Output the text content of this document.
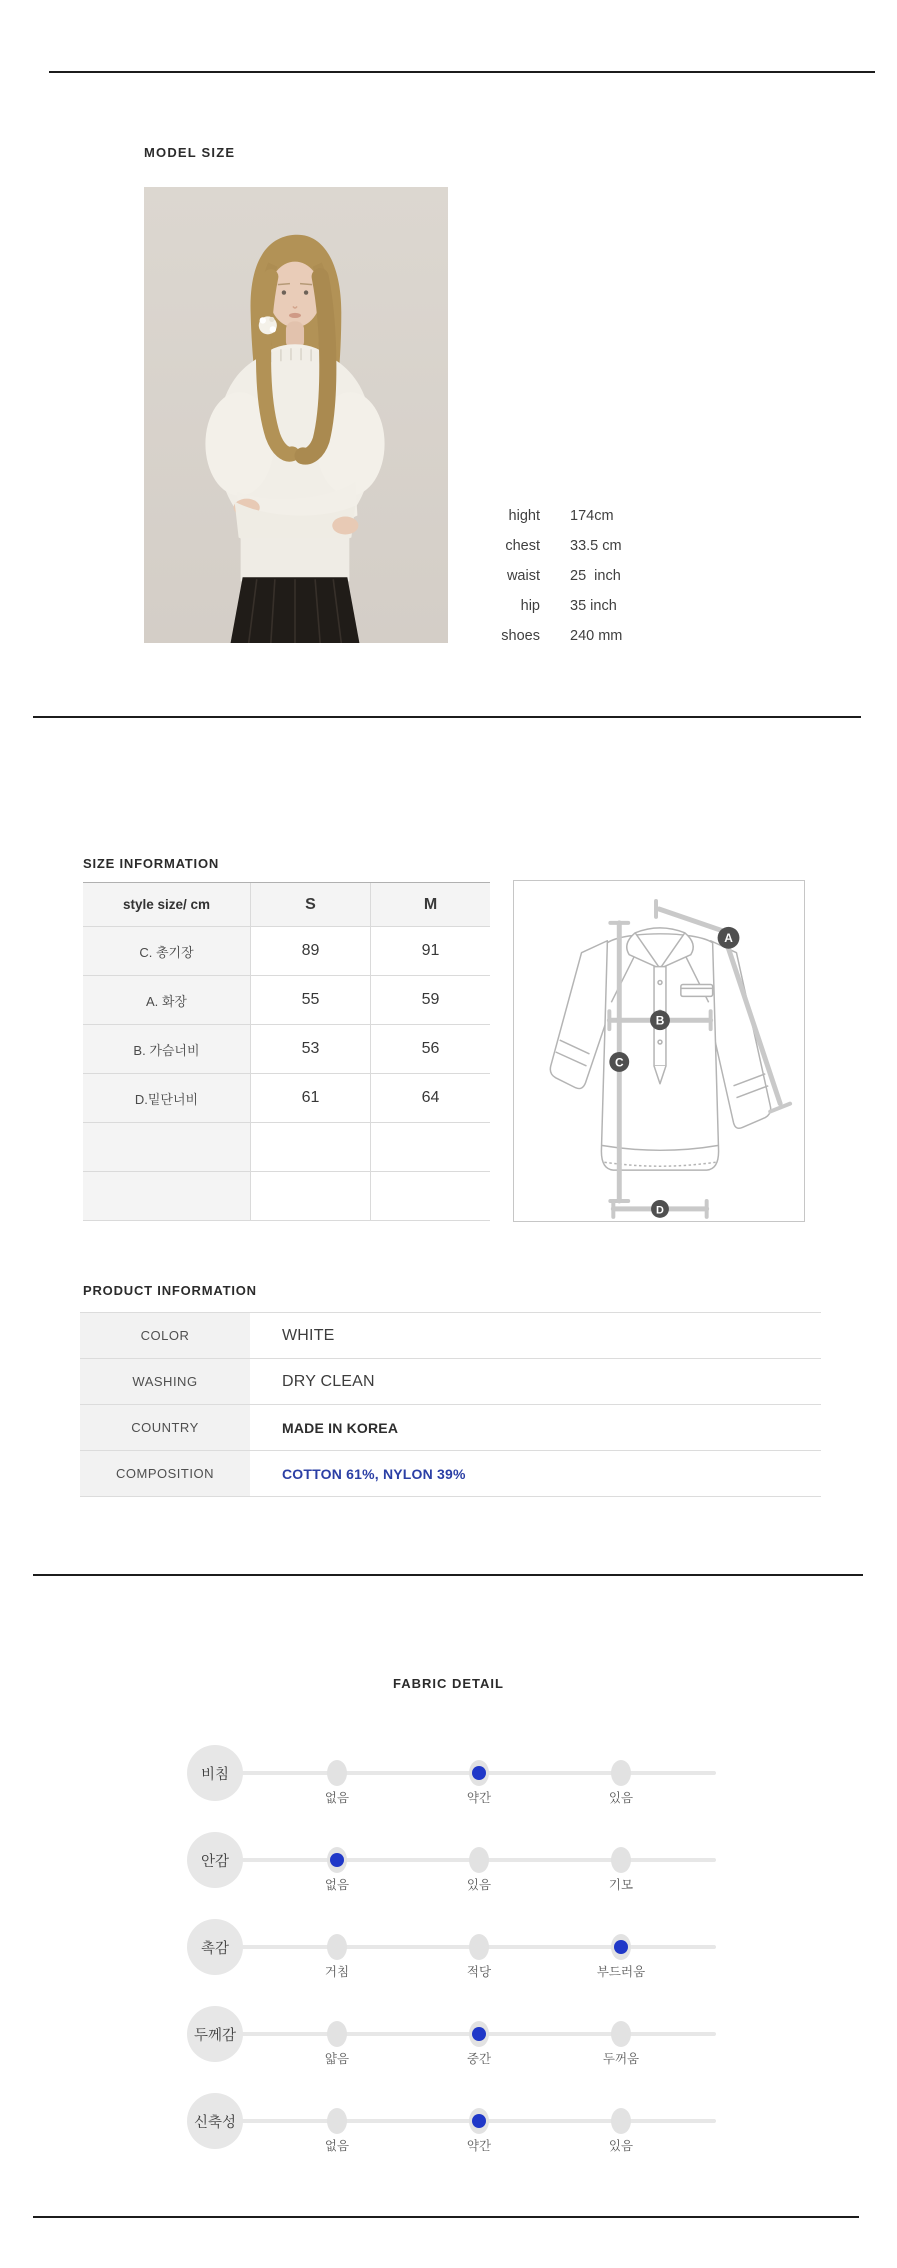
MODEL SIZE
hight 174cm
chest 33.5 cm
waist 25  inch
hip 35 inch
shoes 240 mm
SIZE INFORMATION
style size/ cm	S	M
C. 총기장	89	91
A. 화장	55	59
B. 가슴너비	53	56
D.밑단너비	61	64
A
B
C
D
PRODUCT INFORMATION
COLOR	WHITE
WASHING	DRY CLEAN
COUNTRY	MADE IN KOREA
COMPOSITION	COTTON 61%, NYLON 39%
FABRIC DETAIL
비침
없음	약간	있음
안감
없음	있음	기모
촉감
거침	적당	부드러움
두께감
얇음	중간	두꺼움
신축성
없음	약간	있음
